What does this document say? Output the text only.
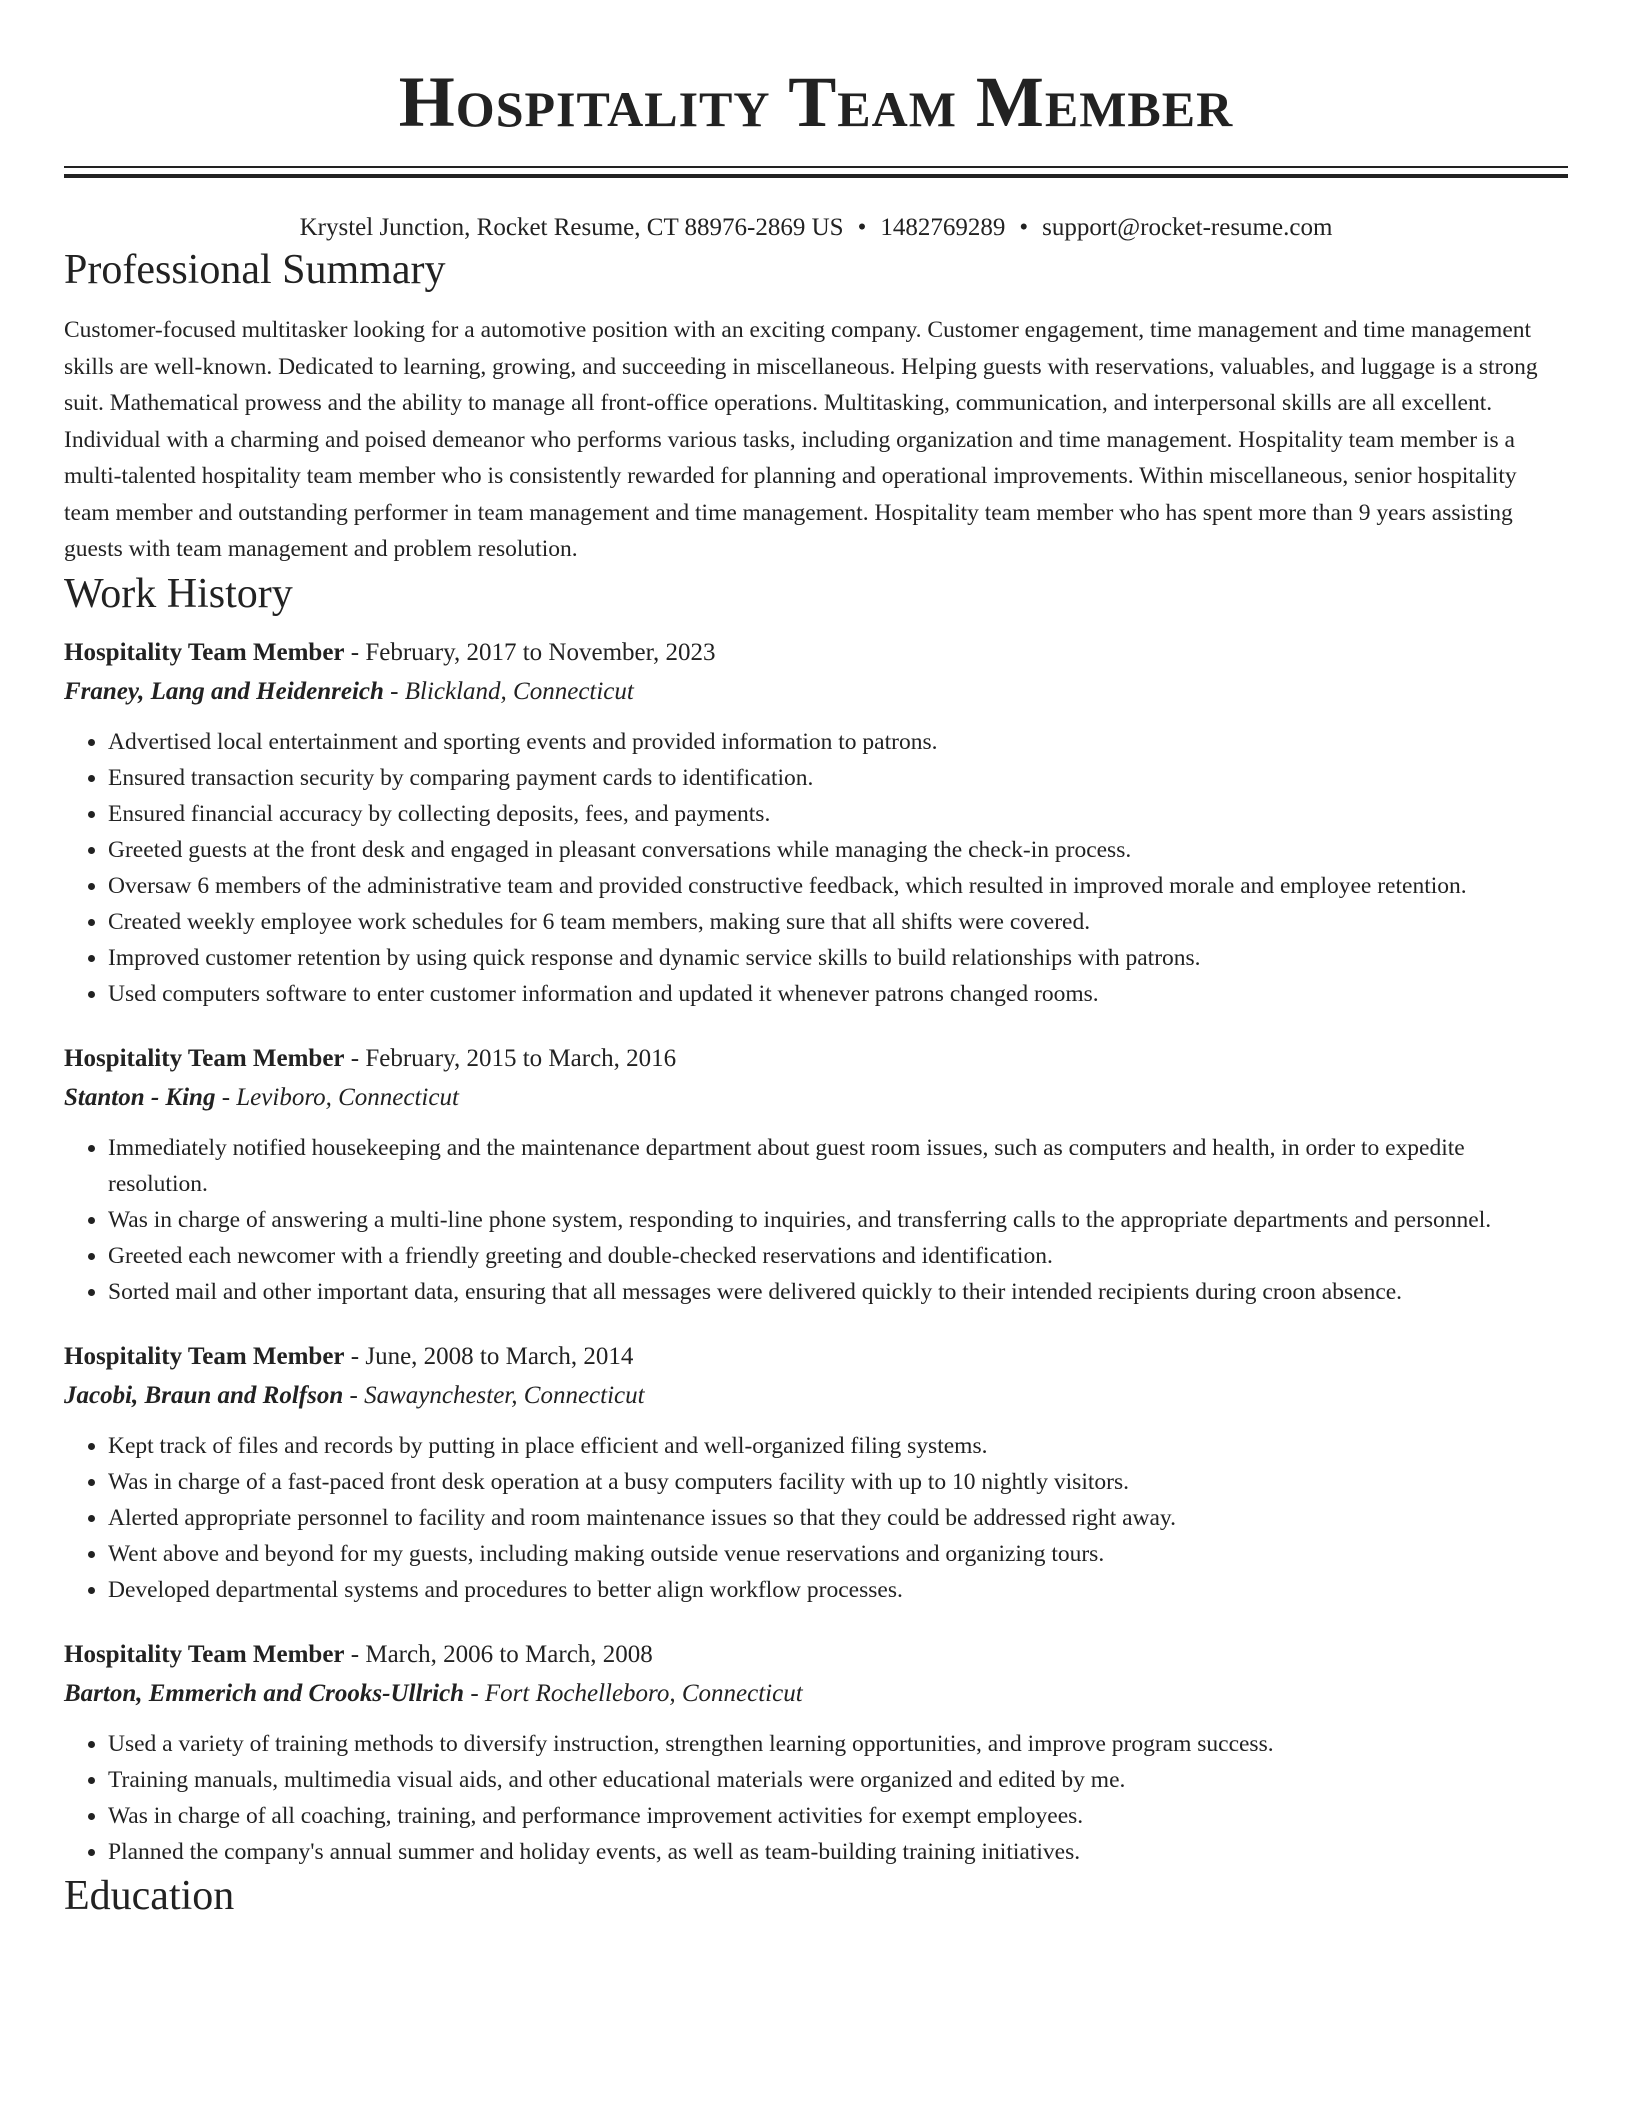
Hospitality Team Member
Krystel Junction, Rocket Resume, CT 88976-2869 US • 1482769289 • support@rocket-resume.com
Professional Summary

Customer-focused multitasker looking for a automotive position with an exciting company. Customer engagement, time management and time management skills are well-known. Dedicated to learning, growing, and succeeding in miscellaneous. Helping guests with reservations, valuables, and luggage is a strong suit. Mathematical prowess and the ability to manage all front-office operations. Multitasking, communication, and interpersonal skills are all excellent. Individual with a charming and poised demeanor who performs various tasks, including organization and time management. Hospitality team member is a multi-talented hospitality team member who is consistently rewarded for planning and operational improvements. Within miscellaneous, senior hospitality team member and outstanding performer in team management and time management. Hospitality team member who has spent more than 9 years assisting guests with team management and problem resolution.

Work History
Hospitality Team Member - February, 2017 to November, 2023
Franey, Lang and Heidenreich - Blickland, Connecticut
• Advertised local entertainment and sporting events and provided information to patrons.
• Ensured transaction security by comparing payment cards to identification.
• Ensured financial accuracy by collecting deposits, fees, and payments.
• Greeted guests at the front desk and engaged in pleasant conversations while managing the check-in process.
• Oversaw 6 members of the administrative team and provided constructive feedback, which resulted in improved morale and employee retention.
• Created weekly employee work schedules for 6 team members, making sure that all shifts were covered.
• Improved customer retention by using quick response and dynamic service skills to build relationships with patrons.
• Used computers software to enter customer information and updated it whenever patrons changed rooms.
Hospitality Team Member - February, 2015 to March, 2016
Stanton - King - Leviboro, Connecticut
• Immediately notified housekeeping and the maintenance department about guest room issues, such as computers and health, in order to expedite resolution.
• Was in charge of answering a multi-line phone system, responding to inquiries, and transferring calls to the appropriate departments and personnel.
• Greeted each newcomer with a friendly greeting and double-checked reservations and identification.
• Sorted mail and other important data, ensuring that all messages were delivered quickly to their intended recipients during croon absence.
Hospitality Team Member - June, 2008 to March, 2014
Jacobi, Braun and Rolfson - Sawaynchester, Connecticut
• Kept track of files and records by putting in place efficient and well-organized filing systems.
• Was in charge of a fast-paced front desk operation at a busy computers facility with up to 10 nightly visitors.
• Alerted appropriate personnel to facility and room maintenance issues so that they could be addressed right away.
• Went above and beyond for my guests, including making outside venue reservations and organizing tours.
• Developed departmental systems and procedures to better align workflow processes.
Hospitality Team Member - March, 2006 to March, 2008
Barton, Emmerich and Crooks-Ullrich - Fort Rochelleboro, Connecticut
• Used a variety of training methods to diversify instruction, strengthen learning opportunities, and improve program success.
• Training manuals, multimedia visual aids, and other educational materials were organized and edited by me.
• Was in charge of all coaching, training, and performance improvement activities for exempt employees.
• Planned the company's annual summer and holiday events, as well as team-building training initiatives.
Education
